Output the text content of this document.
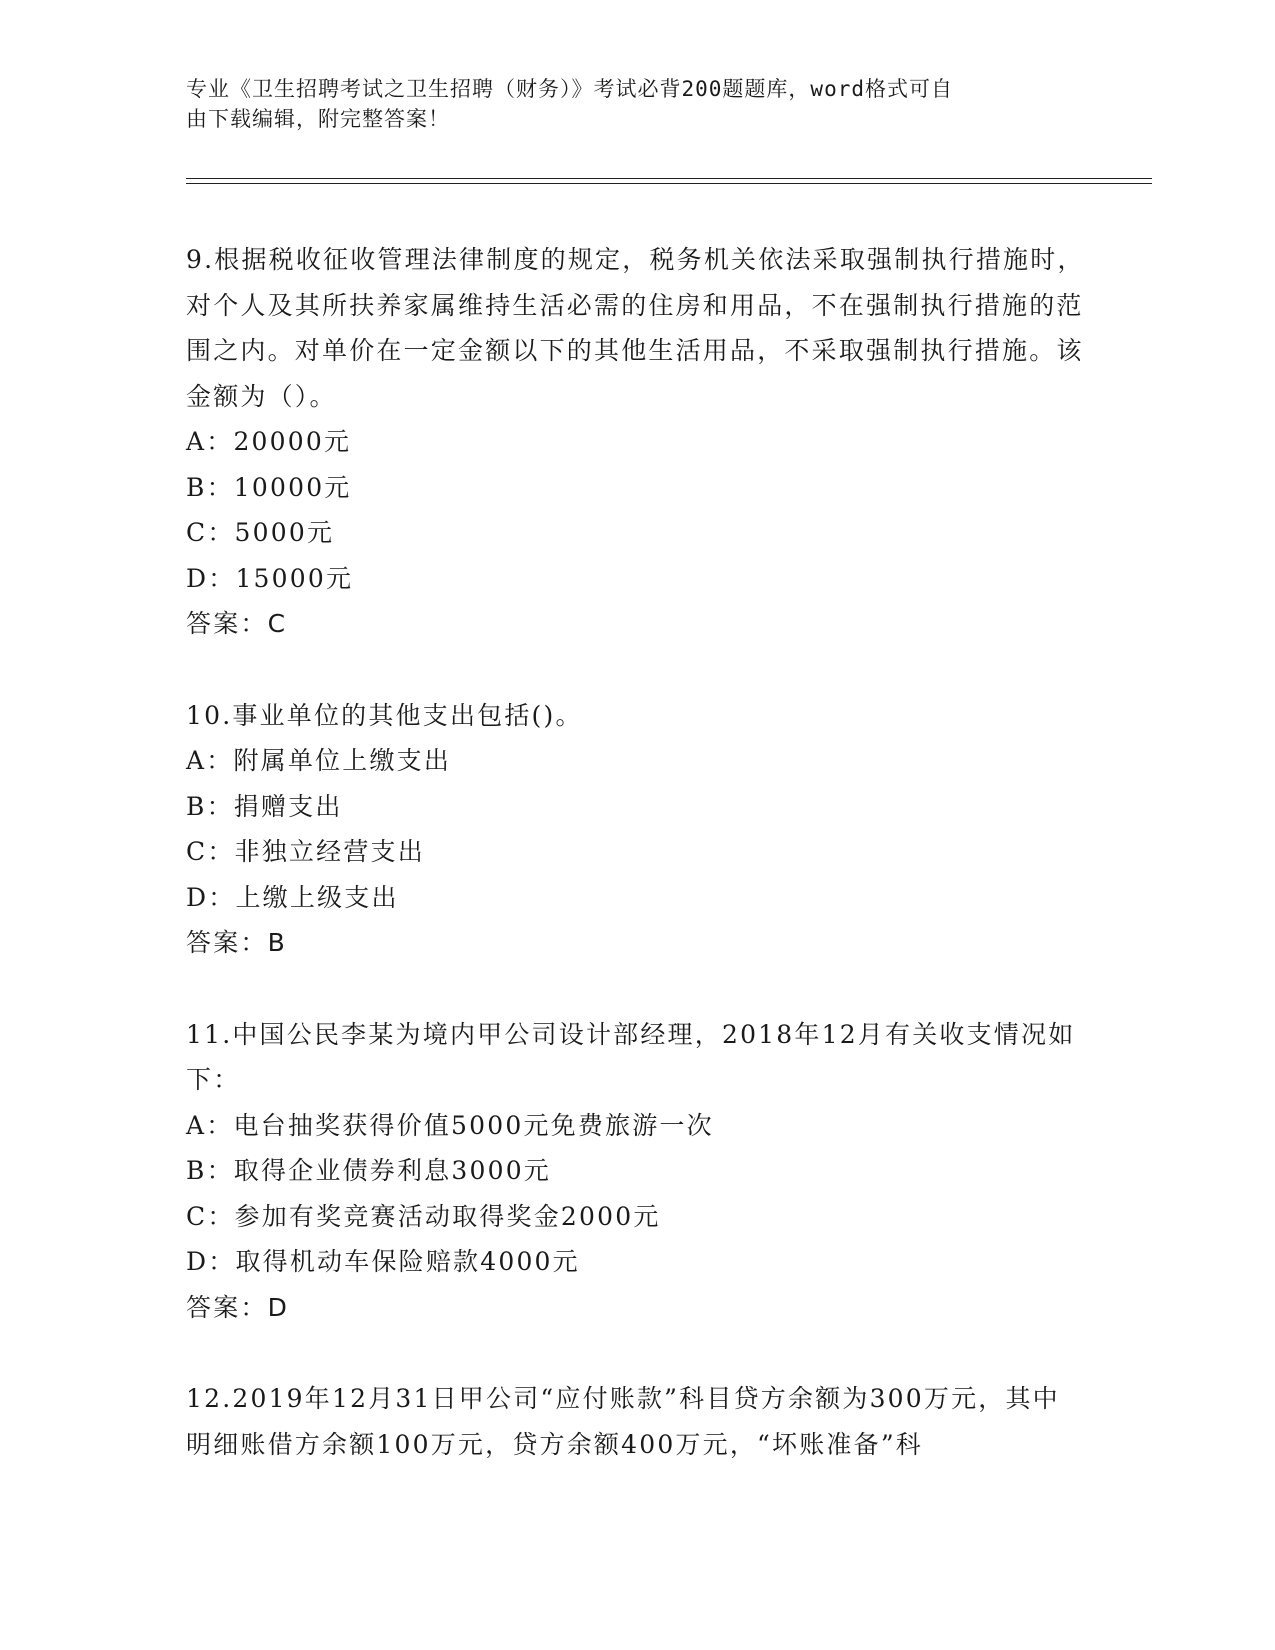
专业《卫生招聘考试之卫生招聘（财务）》考试必背200题题库，word格式可自
由下载编辑，附完整答案！

9.根据税收征收管理法律制度的规定，税务机关依法采取强制执行措施时，对个人及其所扶养家属维持生活必需的住房和用品，不在强制执行措施的范围之内。对单价在一定金额以下的其他生活用品，不采取强制执行措施。该金额为（）。

A：20000元

B：10000元

C：5000元

D：15000元

答案：C

10.事业单位的其他支出包括()。

A：附属单位上缴支出

B：捐赠支出

C：非独立经营支出

D：上缴上级支出

答案：B

11.中国公民李某为境内甲公司设计部经理，2018年12月有关收支情况如下：

A：电台抽奖获得价值5000元免费旅游一次

B：取得企业债券利息3000元

C：参加有奖竞赛活动取得奖金2000元

D：取得机动车保险赔款4000元

答案：D

12.2019年12月31日甲公司“应付账款”科目贷方余额为300万元，其中明细账借方余额100万元，贷方余额400万元，“坏账准备”科
